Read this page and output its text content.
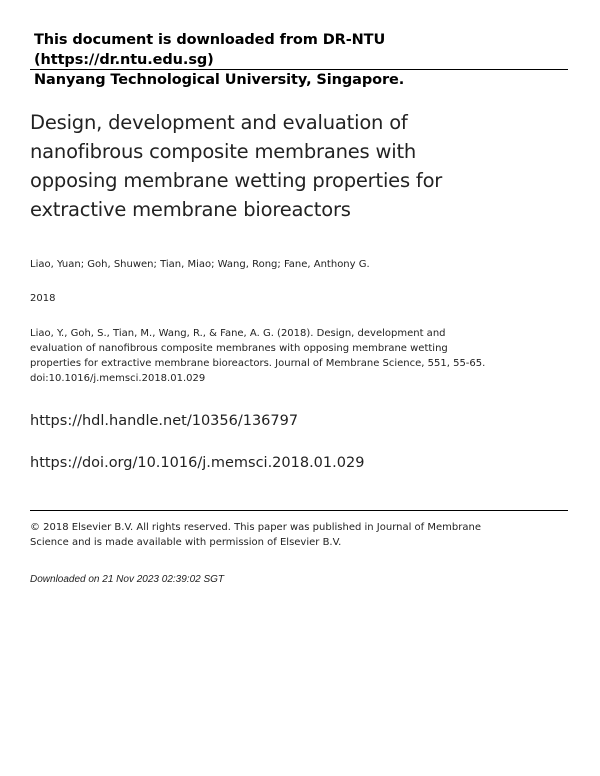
This document is downloaded from DR-NTU (https://dr.ntu.edu.sg)
Nanyang Technological University, Singapore.
Design, development and evaluation of
nanofibrous composite membranes with
opposing membrane wetting properties for
extractive membrane bioreactors
Liao, Yuan; Goh, Shuwen; Tian, Miao; Wang, Rong; Fane, Anthony G.
2018
Liao, Y., Goh, S., Tian, M., Wang, R., & Fane, A. G. (2018). Design, development and
evaluation of nanofibrous composite membranes with opposing membrane wetting
properties for extractive membrane bioreactors. Journal of Membrane Science, 551, 55-65.
doi:10.1016/j.memsci.2018.01.029
https://hdl.handle.net/10356/136797
https://doi.org/10.1016/j.memsci.2018.01.029
© 2018 Elsevier B.V. All rights reserved. This paper was published in Journal of Membrane
Science and is made available with permission of Elsevier B.V.
Downloaded on 21 Nov 2023 02:39:02 SGT
